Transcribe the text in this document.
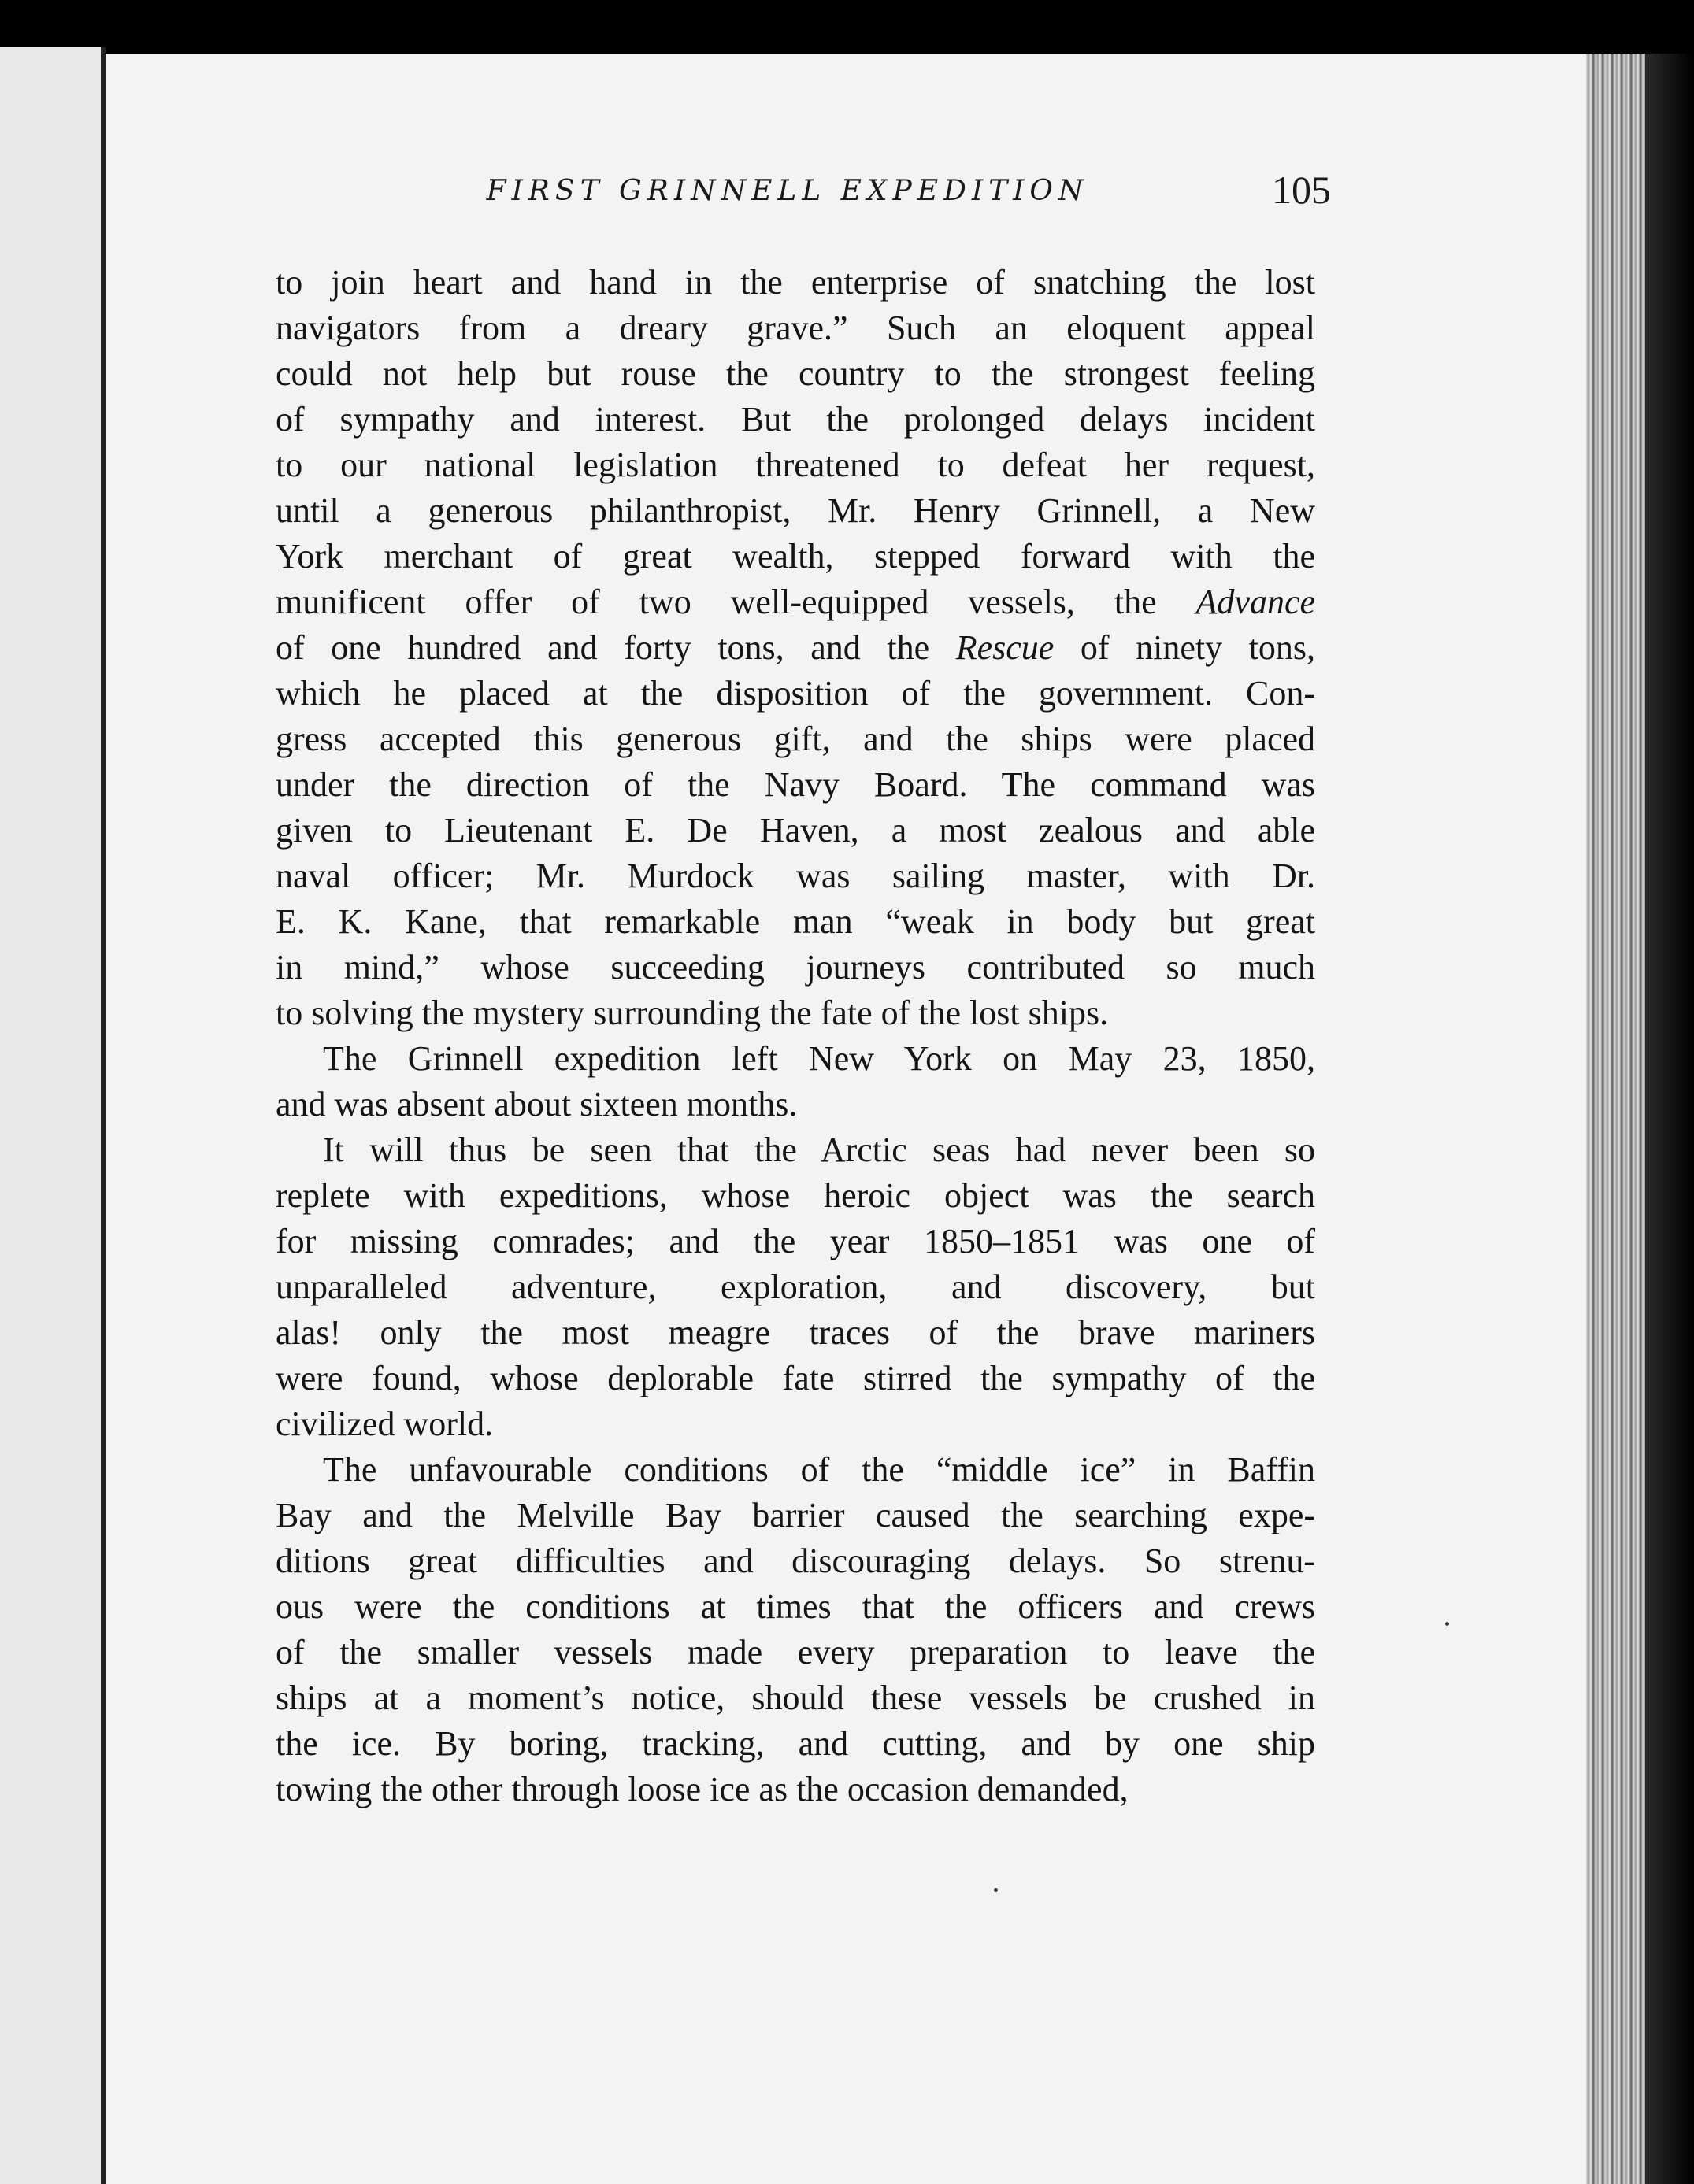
FIRST GRINNELL EXPEDITION	105
to join heart and hand in the enterprise of snatching the lost
navigators from a dreary grave.” Such an eloquent appeal
could not help but rouse the country to the strongest feeling
of sympathy and interest. But the prolonged delays incident
to our national legislation threatened to defeat her request,
until a generous philanthropist, Mr. Henry Grinnell, a New
York merchant of great wealth, stepped forward with the
munificent offer of two well-equipped vessels, the Advance
of one hundred and forty tons, and the Rescue of ninety tons,
which he placed at the disposition of the government. Con-
gress accepted this generous gift, and the ships were placed
under the direction of the Navy Board. The command was
given to Lieutenant E. De Haven, a most zealous and able
naval officer; Mr. Murdock was sailing master, with Dr.
E. K. Kane, that remarkable man “weak in body but great
in mind,” whose succeeding journeys contributed so much
to solving the mystery surrounding the fate of the lost ships.
The Grinnell expedition left New York on May 23, 1850,
and was absent about sixteen months.
It will thus be seen that the Arctic seas had never been so
replete with expeditions, whose heroic object was the search
for missing comrades; and the year 1850–1851 was one of
unparalleled adventure, exploration, and discovery, but
alas! only the most meagre traces of the brave mariners
were found, whose deplorable fate stirred the sympathy of the
civilized world.
The unfavourable conditions of the “middle ice” in Baffin
Bay and the Melville Bay barrier caused the searching expe-
ditions great difficulties and discouraging delays. So strenu-
ous were the conditions at times that the officers and crews
of the smaller vessels made every preparation to leave the
ships at a moment’s notice, should these vessels be crushed in
the ice. By boring, tracking, and cutting, and by one ship
towing the other through loose ice as the occasion demanded,
